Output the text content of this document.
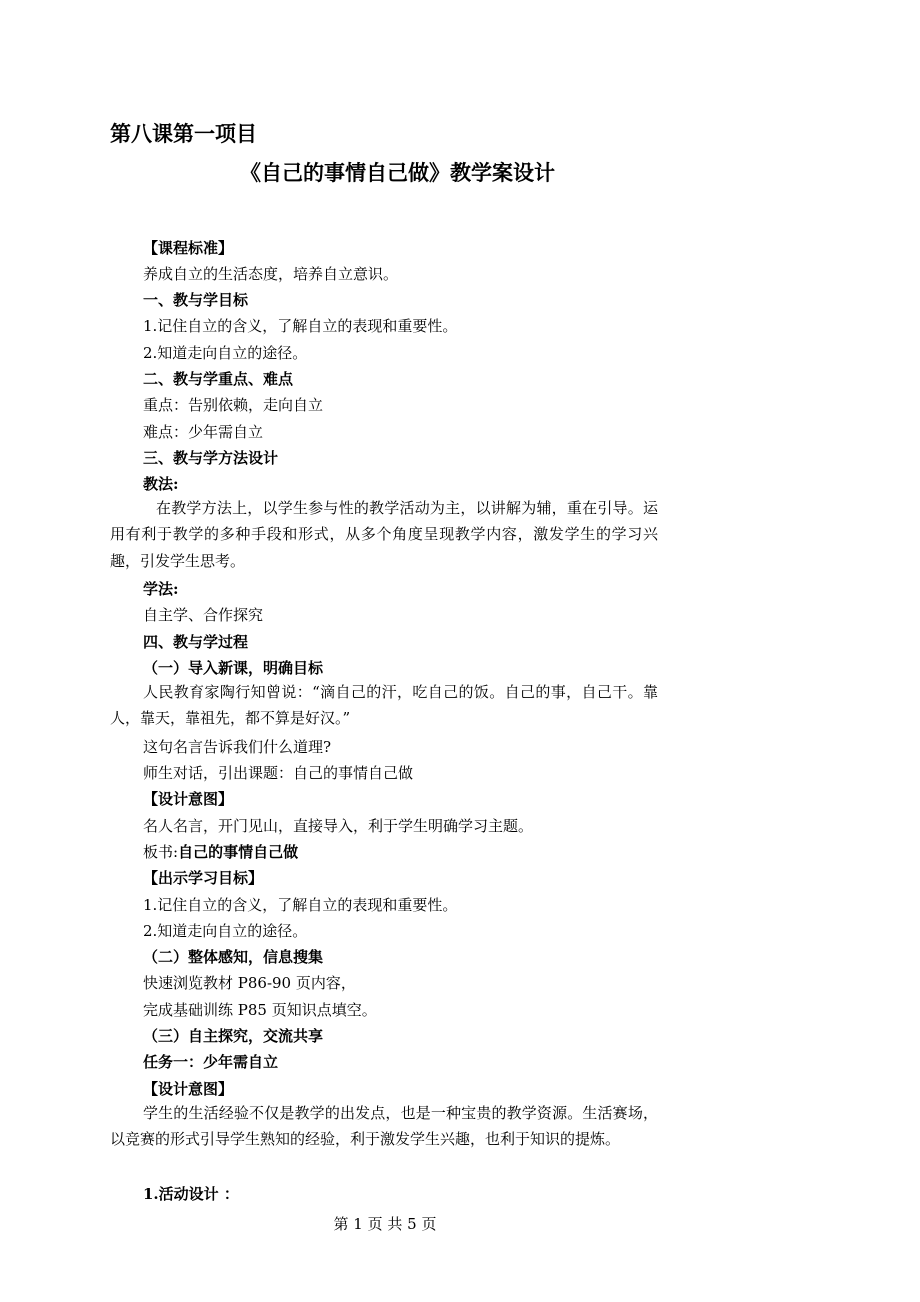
第八课第一项目
《自己的事情自己做》教学案设计
【课程标准】
养成自立的生活态度，培养自立意识。
一、教与学目标
1.记住自立的含义，了解自立的表现和重要性。
2.知道走向自立的途径。
二、教与学重点、难点
重点：告别依赖，走向自立
难点：少年需自立
三、教与学方法设计
教法:
在教学方法上，以学生参与性的教学活动为主，以讲解为辅，重在引导。运用有利于教学的多种手段和形式，从多个角度呈现教学内容，激发学生的学习兴趣，引发学生思考。
学法:
自主学、合作探究
四、教与学过程
（一）导入新课，明确目标
人民教育家陶行知曾说：“滴自己的汗，吃自己的饭。自己的事，自己干。靠人，靠天，靠祖先，都不算是好汉。”
这句名言告诉我们什么道理?
师生对话，引出课题：自己的事情自己做
【设计意图】
名人名言，开门见山，直接导入，利于学生明确学习主题。
板书:自己的事情自己做
【出示学习目标】
1.记住自立的含义，了解自立的表现和重要性。
2.知道走向自立的途径。
（二）整体感知，信息搜集
快速浏览教材 P86-90 页内容，
完成基础训练 P85 页知识点填空。
（三）自主探究，交流共享
任务一：少年需自立
【设计意图】
学生的生活经验不仅是教学的出发点，也是一种宝贵的教学资源。生活赛场，以竞赛的形式引导学生熟知的经验，利于激发学生兴趣，也利于知识的提炼。
1.活动设计 ：
第 1 页 共 5 页
